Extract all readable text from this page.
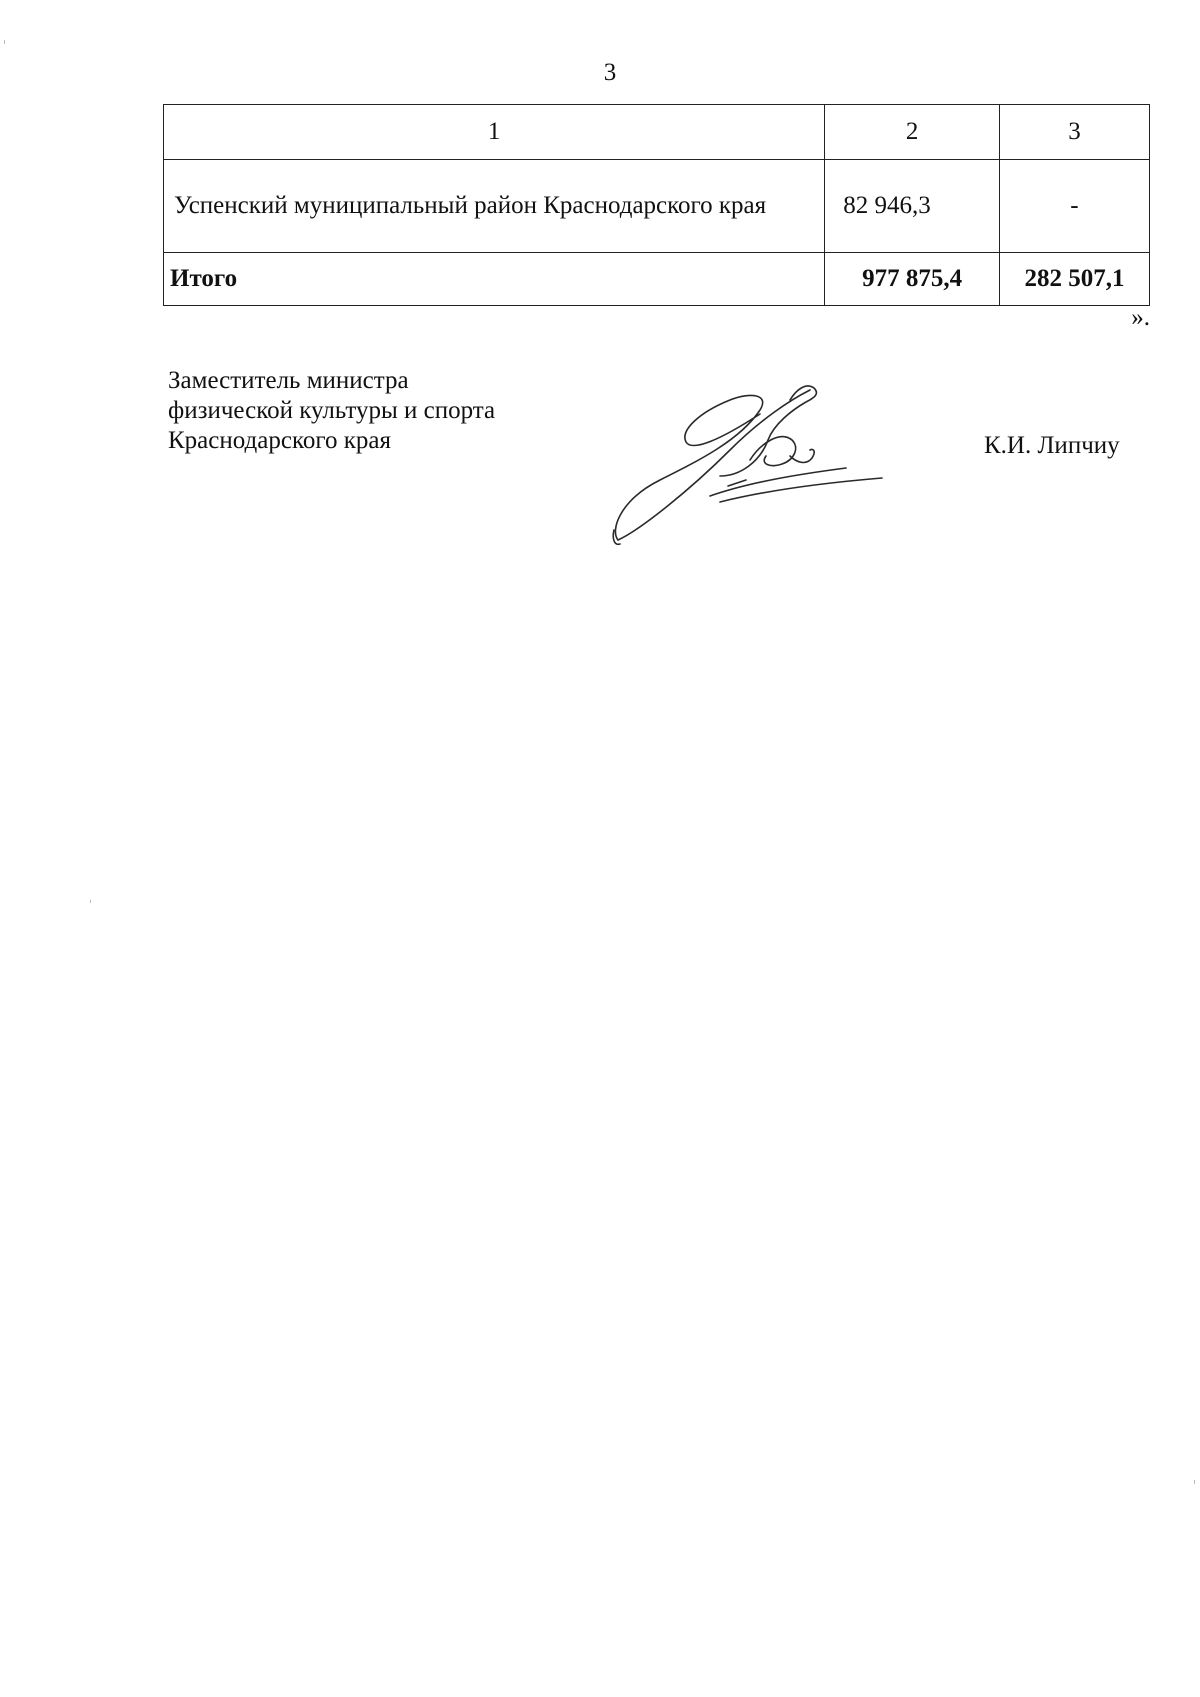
3
1	2	3
Успенский муниципальный район Краснодарского края	82 946,3	-
Итого	977 875,4	282 507,1
».
Заместитель министра
физической культуры и спорта
Краснодарского края	К.И. Липчиу
